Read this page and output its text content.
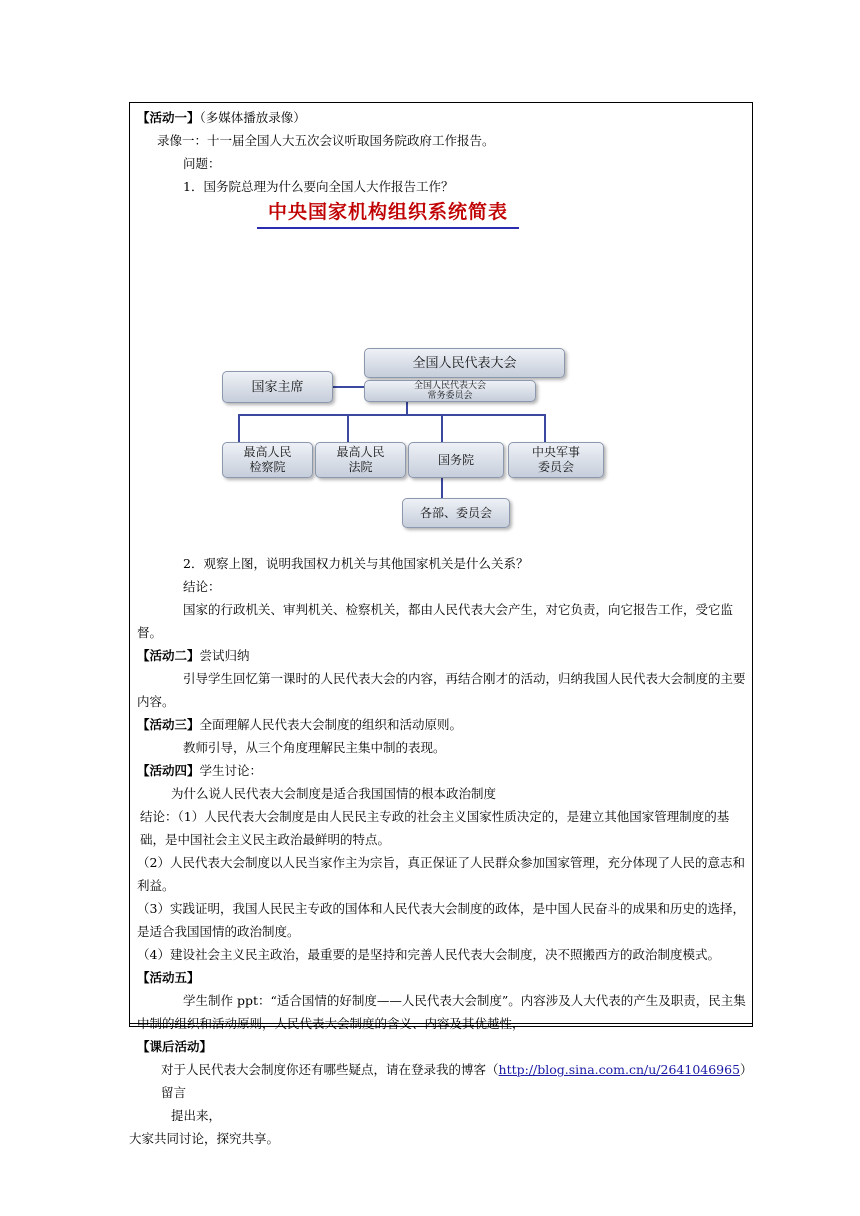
【活动一】（多媒体播放录像）

录像一：十一届全国人大五次会议听取国务院政府工作报告。

问题：

1．国务院总理为什么要向全国人大作报告工作？

中央国家机构组织系统简表
全国人民代表大会
全国人民代表大会
常务委员会
国家主席
最高人民
检察院
最高人民
法院
国务院
中央军事
委员会
各部、委员会

2．观察上图，说明我国权力机关与其他国家机关是什么关系？

结论：

国家的行政机关、审判机关、检察机关，都由人民代表大会产生，对它负责，向它报告工作，受它监督。

【活动二】尝试归纳

引导学生回忆第一课时的人民代表大会的内容，再结合刚才的活动，归纳我国人民代表大会制度的主要内容。

【活动三】全面理解人民代表大会制度的组织和活动原则。

教师引导，从三个角度理解民主集中制的表现。

【活动四】学生讨论：

为什么说人民代表大会制度是适合我国国情的根本政治制度

结论：（1）人民代表大会制度是由人民民主专政的社会主义国家性质决定的，是建立其他国家管理制度的基础，是中国社会主义民主政治最鲜明的特点。

（2）人民代表大会制度以人民当家作主为宗旨，真正保证了人民群众参加国家管理，充分体现了人民的意志和利益。

（3）实践证明，我国人民民主专政的国体和人民代表大会制度的政体，是中国人民奋斗的成果和历史的选择，是适合我国国情的政治制度。

（4）建设社会主义民主政治，最重要的是坚持和完善人民代表大会制度，决不照搬西方的政治制度模式。

【活动五】

学生制作 ppt：“适合国情的好制度——人民代表大会制度”。内容涉及人大代表的产生及职责，民主集中制的组织和活动原则，人民代表大会制度的含义、内容及其优越性，

【课后活动】

对于人民代表大会制度你还有哪些疑点，请在登录我的博客（http://blog.sina.com.cn/u/2641046965）留言

提出来，

大家共同讨论，探究共享。
